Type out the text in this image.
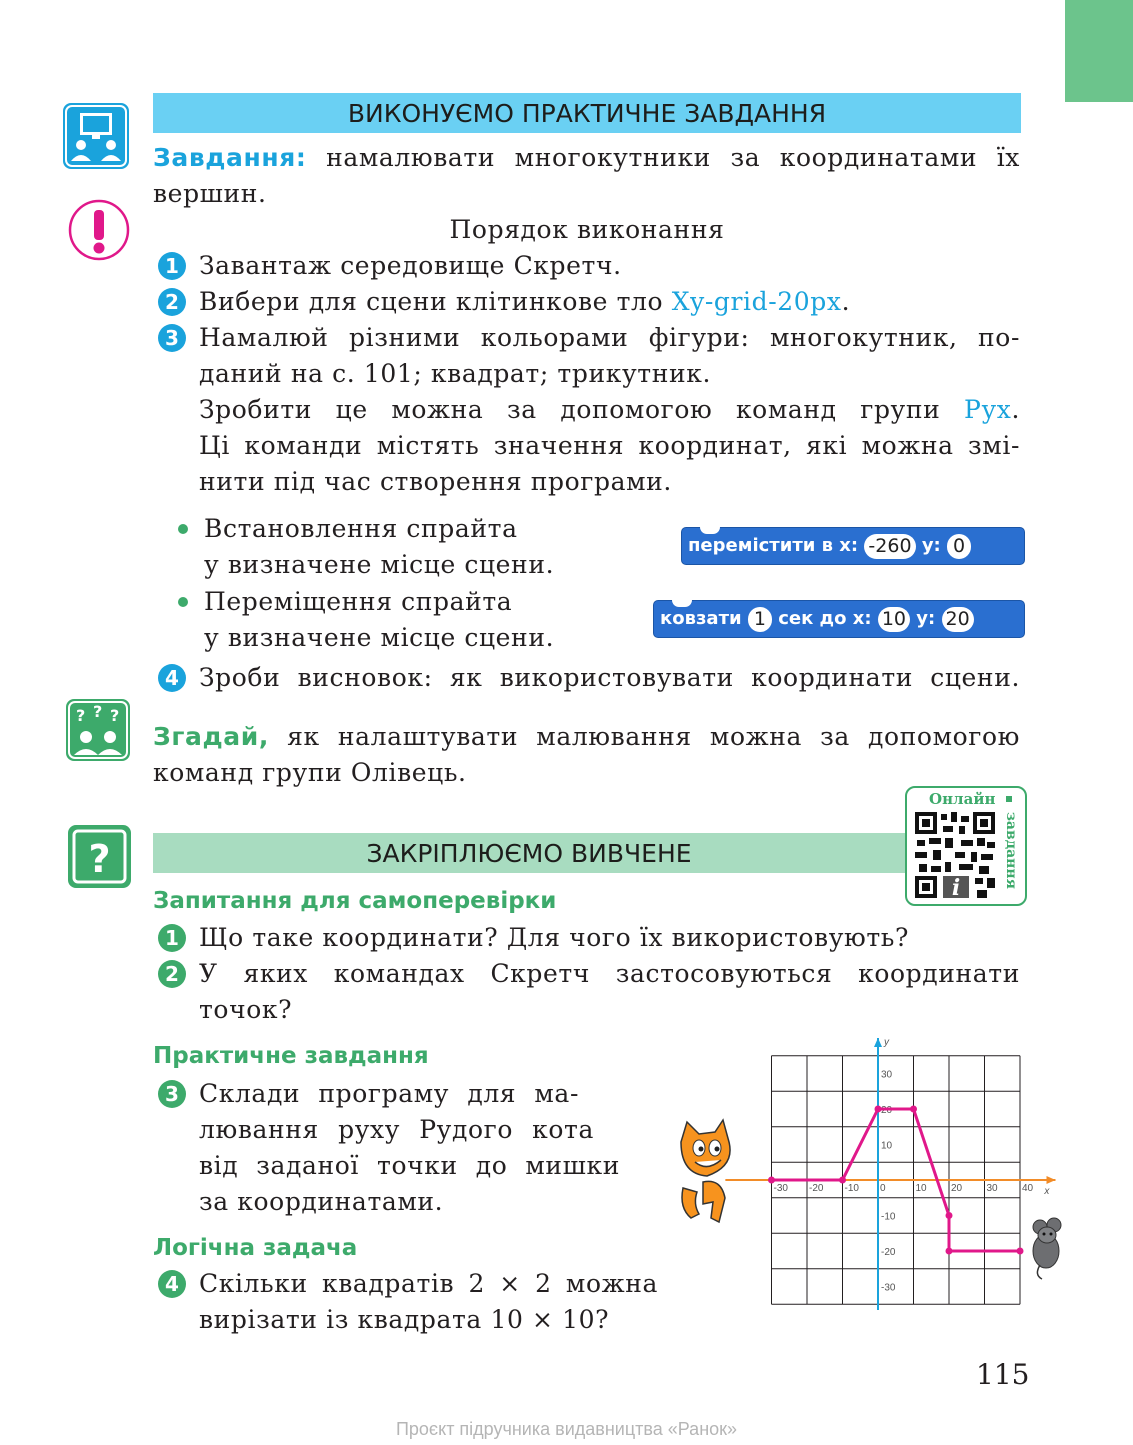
? ? ?
?
ВИКОНУЄМО ПРАКТИЧНЕ ЗАВДАННЯ
Завдання: намалювати многокутники за координатами їх
вершин.
Порядок виконання
1 Завантаж середовище Скретч.
2 Вибери для сцени клітинкове тло Xy-grid-20px.
3 Намалюй різними кольорами фігури: многокутник, по-
даний на с. 101; квадрат; трикутник.
Зробити це можна за допомогою команд групи Рух.
Ці команди містять значення координат, які можна змі-
нити під час створення програми.
Встановлення спрайта
у визначене місце сцени.
Переміщення спрайта
у визначене місце сцени.
перемістити в x: -260 y: 0
ковзати 1 сек до x: 10 y: 20
4 Зроби висновок: як використовувати координати сцени.
Згадай, як налаштувати малювання можна за допомогою
команд групи Олівець.
ЗАКРІПЛЮЄМО ВИВЧЕНЕ
Онлайн
завдання
i
Запитання для самоперевірки
1 Що таке координати? Для чого їх використовують?
2 У яких командах Скретч застосовуються координати
точок?
Практичне завдання
3 Склади програму для ма-
лювання руху Рудого кота
від заданої точки до мишки
за координатами.
Логічна задача
4 Скільки квадратів 2 × 2 можна
вирізати із квадрата 10 × 10?
-30 -20 -10 0	10 20 30 40
30
20
10
-10
-20
-30
x
y
115
Проєкт підручника видавництва «Ранок»
